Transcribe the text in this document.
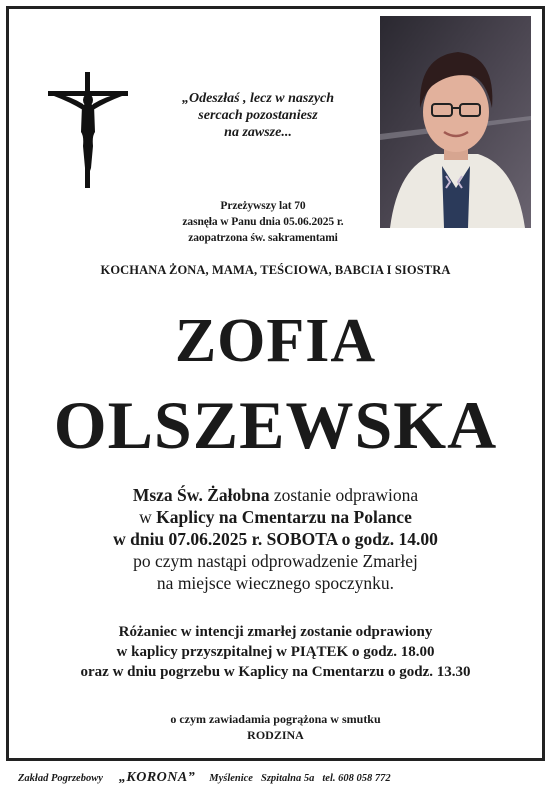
„Odeszłaś , lecz w naszych
sercach pozostaniesz
na zawsze...
Przeżywszy lat 70
zasnęła w Panu dnia 05.06.2025 r.
zaopatrzona św. sakramentami
KOCHANA ŻONA, MAMA, TEŚCIOWA, BABCIA I SIOSTRA
ZOFIA
OLSZEWSKA
Msza Św. Żałobna zostanie odprawiona
w Kaplicy na Cmentarzu na Polance
w dniu 07.06.2025 r. SOBOTA o godz. 14.00
po czym nastąpi odprowadzenie Zmarłej
na miejsce wiecznego spoczynku.
Różaniec w intencji zmarłej zostanie odprawiony
w kaplicy przyszpitalnej w PIĄTEK o godz. 18.00
oraz w dniu pogrzebu w Kaplicy na Cmentarzu o godz. 13.30
o czym zawiadamia pogrążona w smutku
RODZINA
Zakład Pogrzebowy „KORONA” Myślenice Szpitalna 5a tel. 608 058 772
